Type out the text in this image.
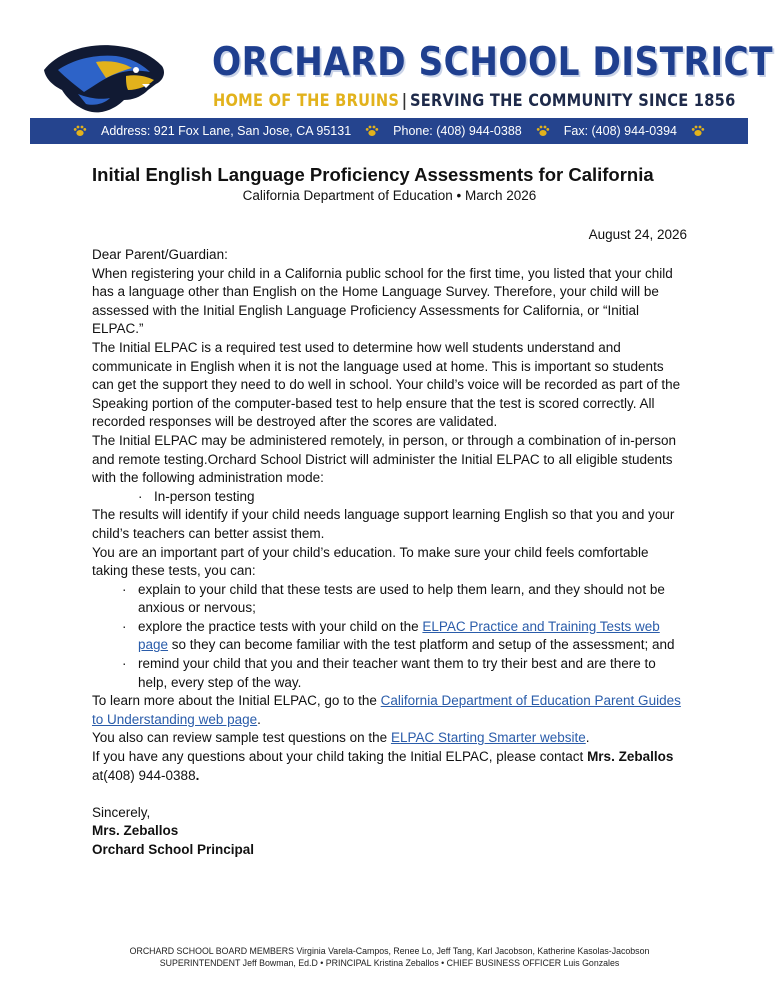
ORCHARD SCHOOL DISTRICT
HOME OF THE BRUINS | SERVING THE COMMUNITY SINCE 1856
Address: 921 Fox Lane, San Jose, CA 95131	Phone: (408) 944-0388	Fax: (408) 944-0394
Initial English Language Proficiency Assessments for California
California Department of Education • March 2026
August 24, 2026

Dear Parent/Guardian:

When registering your child in a California public school for the first time, you listed that your child has a language other than English on the Home Language Survey. Therefore, your child will be assessed with the Initial English Language Proficiency Assessments for California, or “Initial ELPAC.”

The Initial ELPAC is a required test used to determine how well students understand and communicate in English when it is not the language used at home. This is important so students can get the support they need to do well in school. Your child’s voice will be recorded as part of the Speaking portion of the computer-based test to help ensure that the test is scored correctly. All recorded responses will be destroyed after the scores are validated.

The Initial ELPAC may be administered remotely, in person, or through a combination of in-person and remote testing.Orchard School District will administer the Initial ELPAC to all eligible students with the following administration mode:

· In-person testing

The results will identify if your child needs language support learning English so that you and your child’s teachers can better assist them.

You are an important part of your child’s education. To make sure your child feels comfortable taking these tests, you can:

· explain to your child that these tests are used to help them learn, and they should not be anxious or nervous;

· explore the practice tests with your child on the ELPAC Practice and Training Tests web page so they can become familiar with the test platform and setup of the assessment; and

· remind your child that you and their teacher want them to try their best and are there to help, every step of the way.

To learn more about the Initial ELPAC, go to the California Department of Education Parent Guides to Understanding web page.

You also can review sample test questions on the ELPAC Starting Smarter website.

If you have any questions about your child taking the Initial ELPAC, please contact Mrs. Zeballos at(408) 944-0388.

Sincerely,

Mrs. Zeballos

Orchard School Principal

ORCHARD SCHOOL BOARD MEMBERS Virginia Varela-Campos, Renee Lo, Jeff Tang, Karl Jacobson, Katherine Kasolas-Jacobson
SUPERINTENDENT Jeff Bowman, Ed.D • PRINCIPAL Kristina Zeballos • CHIEF BUSINESS OFFICER Luis Gonzales
